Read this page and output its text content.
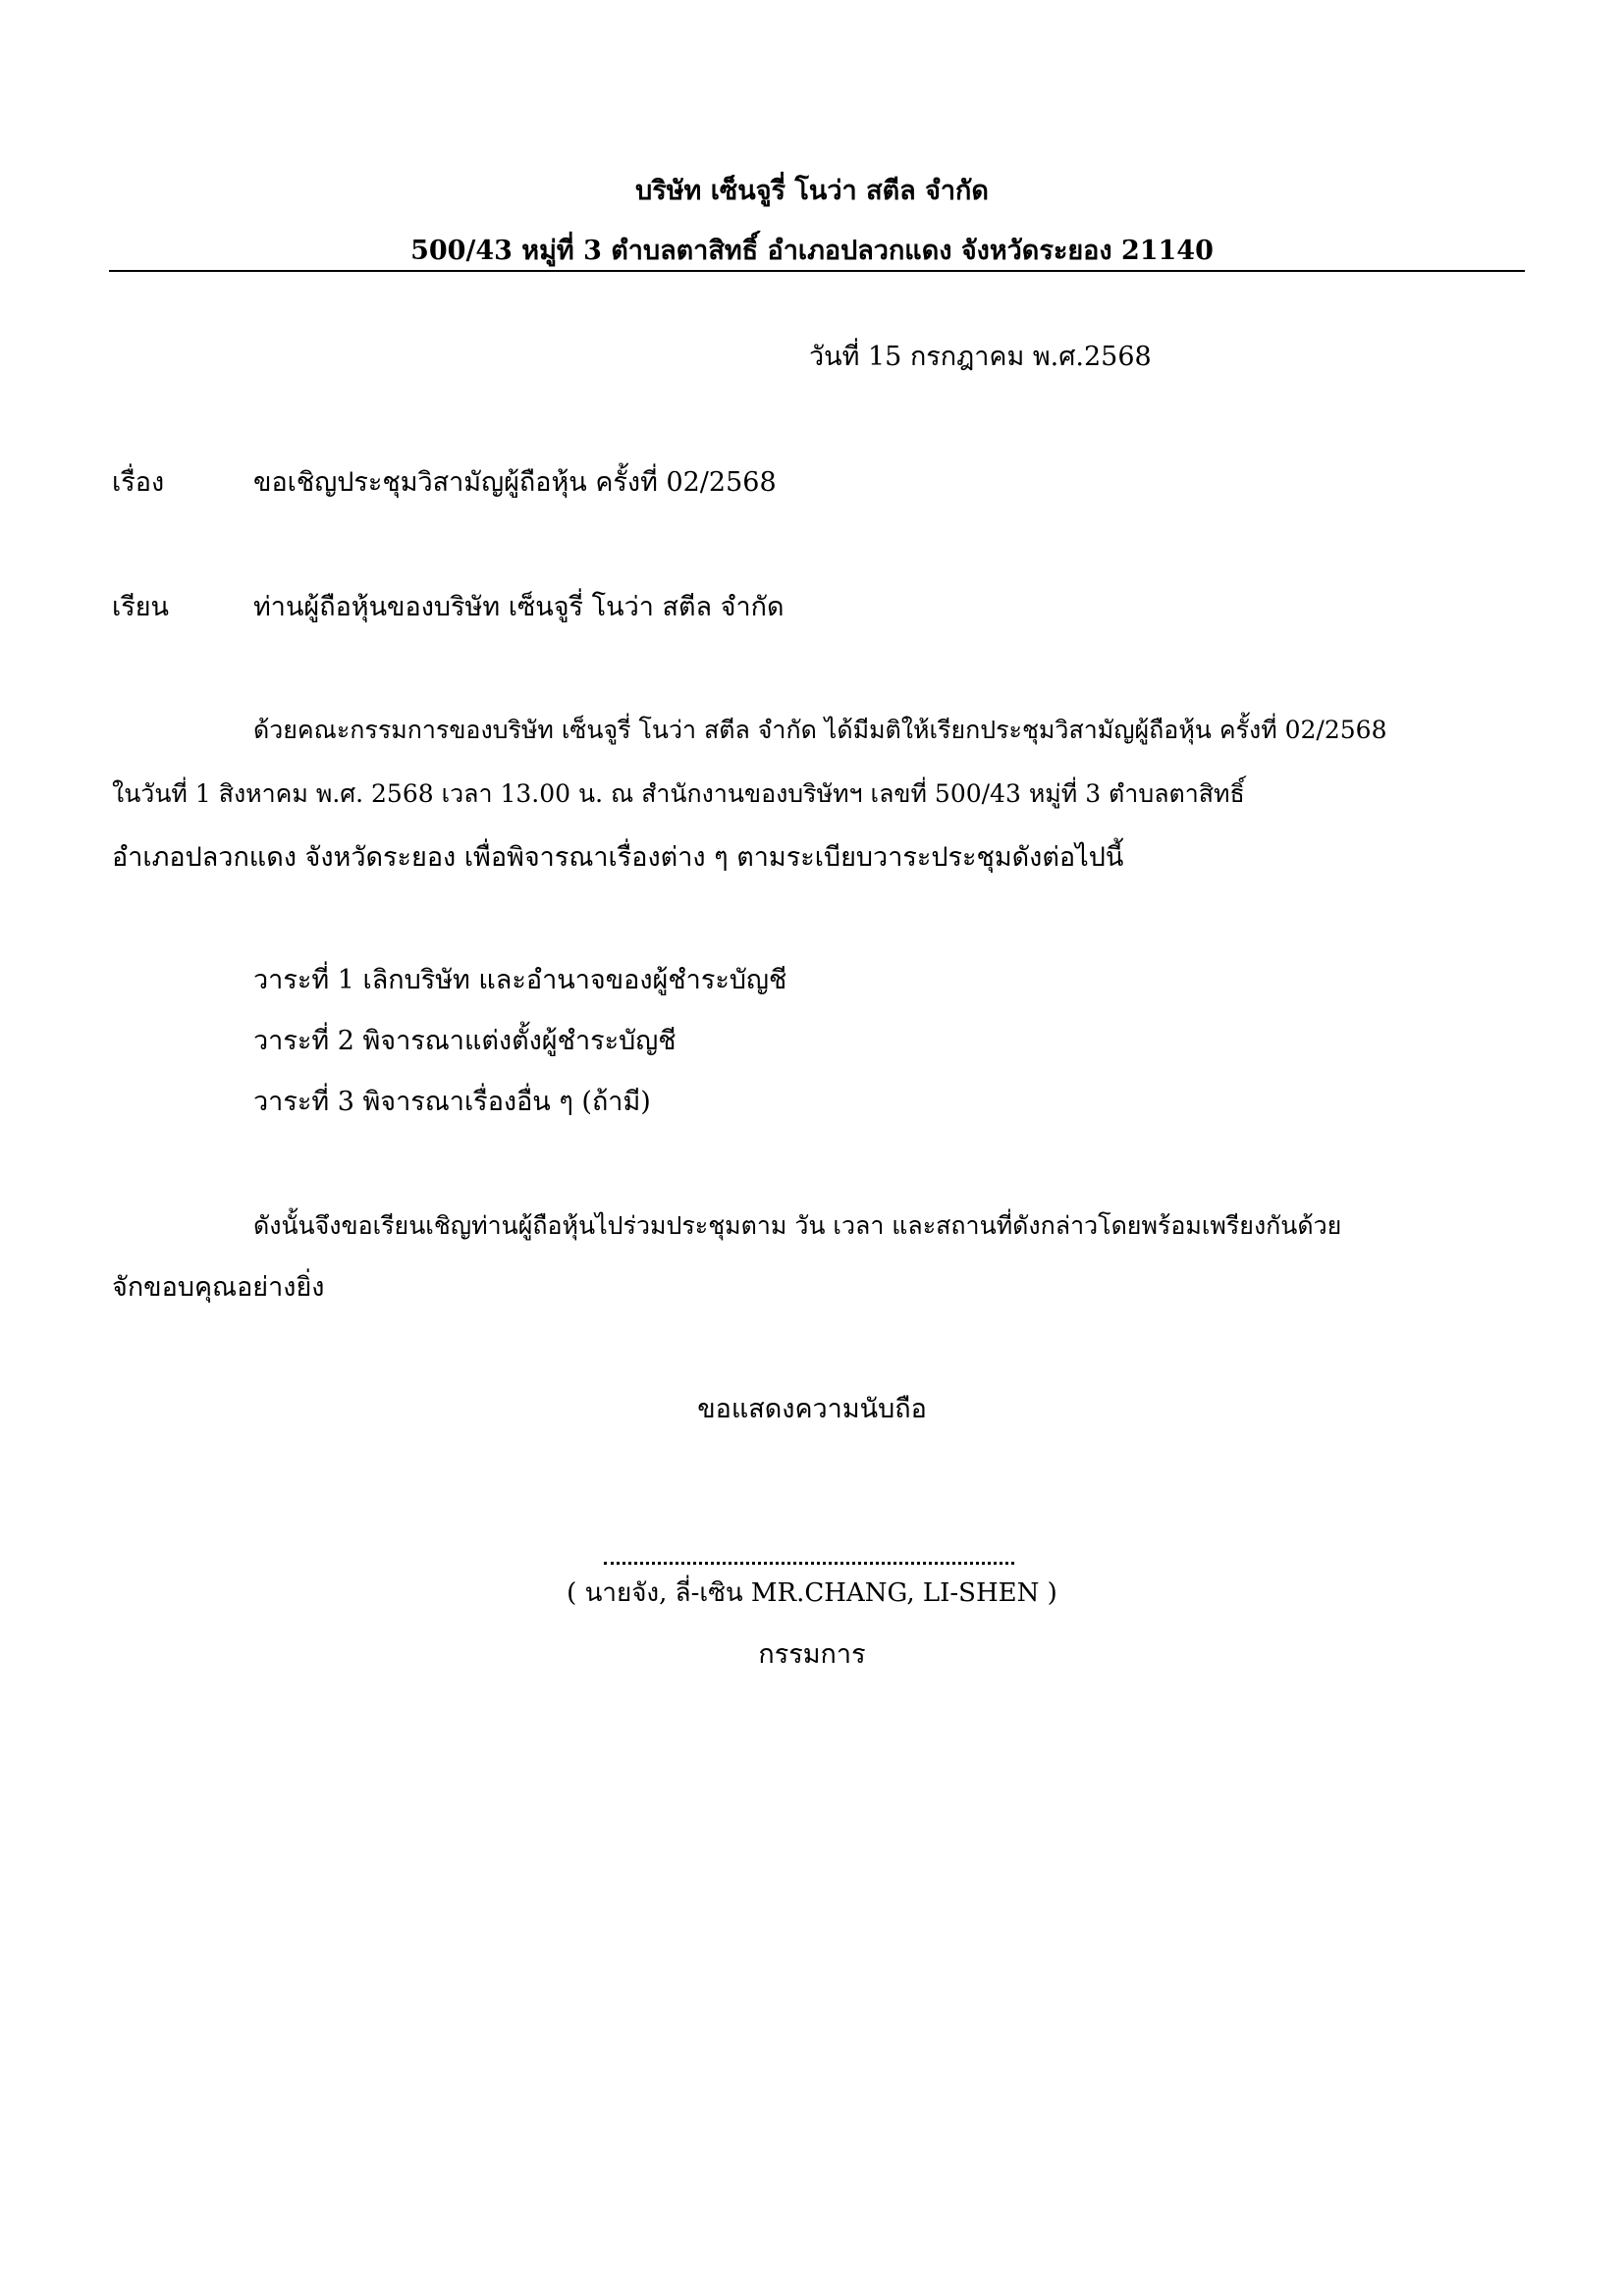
บริษัท เซ็นจูรี่ โนว่า สตีล จำกัด
500/43 หมู่ที่ 3 ตำบลตาสิทธิ์ อำเภอปลวกแดง จังหวัดระยอง 21140
วันที่ 15 กรกฎาคม พ.ศ.2568
เรื่อง	ขอเชิญประชุมวิสามัญผู้ถือหุ้น ครั้งที่ 02/2568
เรียน	ท่านผู้ถือหุ้นของบริษัท เซ็นจูรี่ โนว่า สตีล จำกัด
ด้วยคณะกรรมการของบริษัท เซ็นจูรี่ โนว่า สตีล จำกัด ได้มีมติให้เรียกประชุมวิสามัญผู้ถือหุ้น ครั้งที่ 02/2568
ในวันที่ 1 สิงหาคม พ.ศ. 2568 เวลา 13.00 น. ณ สำนักงานของบริษัทฯ เลขที่ 500/43 หมู่ที่ 3 ตำบลตาสิทธิ์
อำเภอปลวกแดง จังหวัดระยอง เพื่อพิจารณาเรื่องต่าง ๆ ตามระเบียบวาระประชุมดังต่อไปนี้
วาระที่ 1 เลิกบริษัท และอำนาจของผู้ชำระบัญชี
วาระที่ 2 พิจารณาแต่งตั้งผู้ชำระบัญชี
วาระที่ 3 พิจารณาเรื่องอื่น ๆ (ถ้ามี)
ดังนั้นจึงขอเรียนเชิญท่านผู้ถือหุ้นไปร่วมประชุมตาม วัน เวลา และสถานที่ดังกล่าวโดยพร้อมเพรียงกันด้วย
จักขอบคุณอย่างยิ่ง
ขอแสดงความนับถือ
( นายจัง, ลี่-เซิน MR.CHANG, LI-SHEN )
กรรมการ
